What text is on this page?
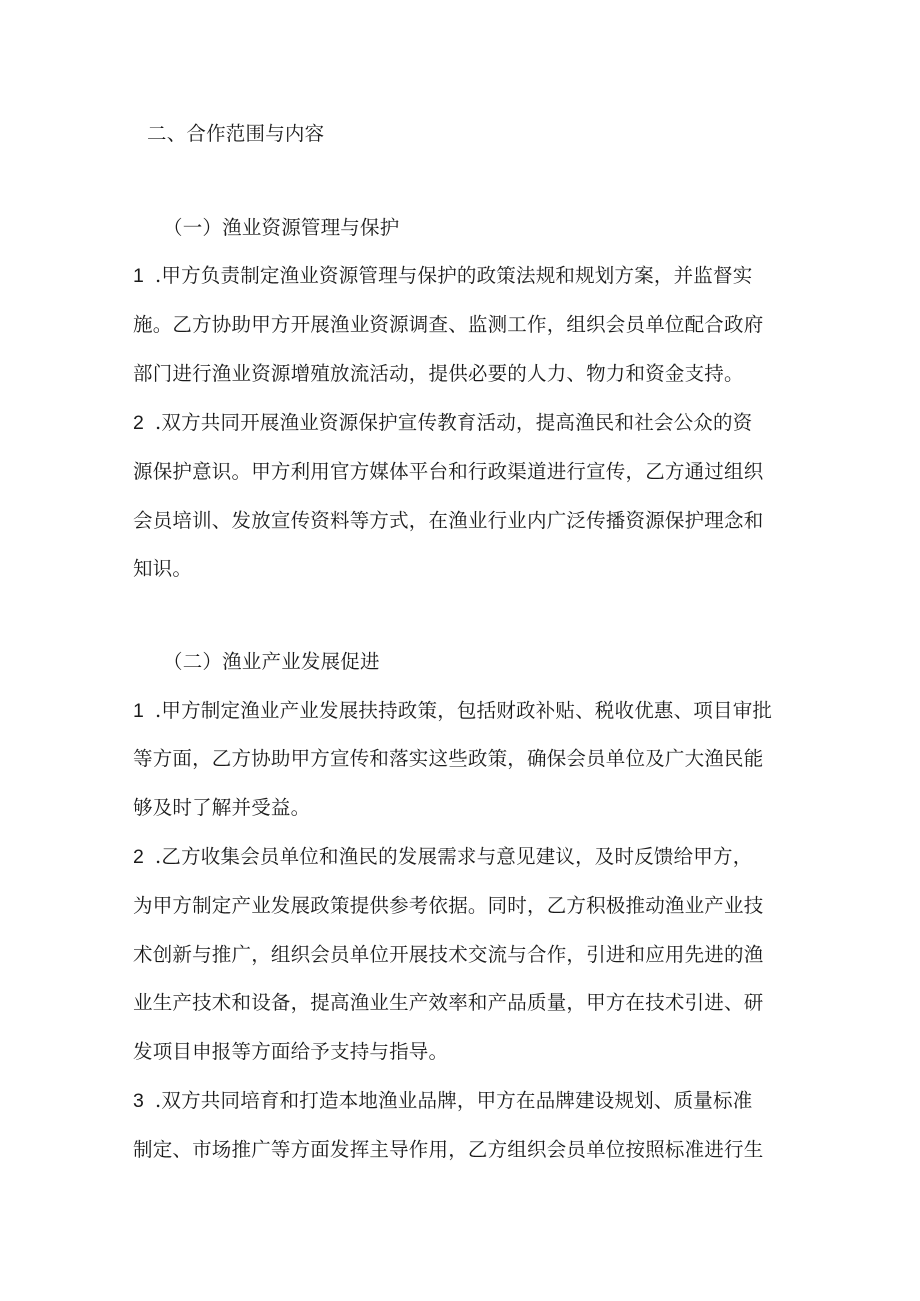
二、合作范围与内容
（一）渔业资源管理与保护
1 .甲方负责制定渔业资源管理与保护的政策法规和规划方案，并监督实
施。乙方协助甲方开展渔业资源调查、监测工作，组织会员单位配合政府
部门进行渔业资源增殖放流活动，提供必要的人力、物力和资金支持。
2 .双方共同开展渔业资源保护宣传教育活动，提高渔民和社会公众的资
源保护意识。甲方利用官方媒体平台和行政渠道进行宣传，乙方通过组织
会员培训、发放宣传资料等方式，在渔业行业内广泛传播资源保护理念和
知识。
（二）渔业产业发展促进
1 .甲方制定渔业产业发展扶持政策，包括财政补贴、税收优惠、项目审批
等方面，乙方协助甲方宣传和落实这些政策，确保会员单位及广大渔民能
够及时了解并受益。
2 .乙方收集会员单位和渔民的发展需求与意见建议，及时反馈给甲方，
为甲方制定产业发展政策提供参考依据。同时，乙方积极推动渔业产业技
术创新与推广，组织会员单位开展技术交流与合作，引进和应用先进的渔
业生产技术和设备，提高渔业生产效率和产品质量，甲方在技术引进、研
发项目申报等方面给予支持与指导。
3 .双方共同培育和打造本地渔业品牌，甲方在品牌建设规划、质量标准
制定、市场推广等方面发挥主导作用，乙方组织会员单位按照标准进行生
